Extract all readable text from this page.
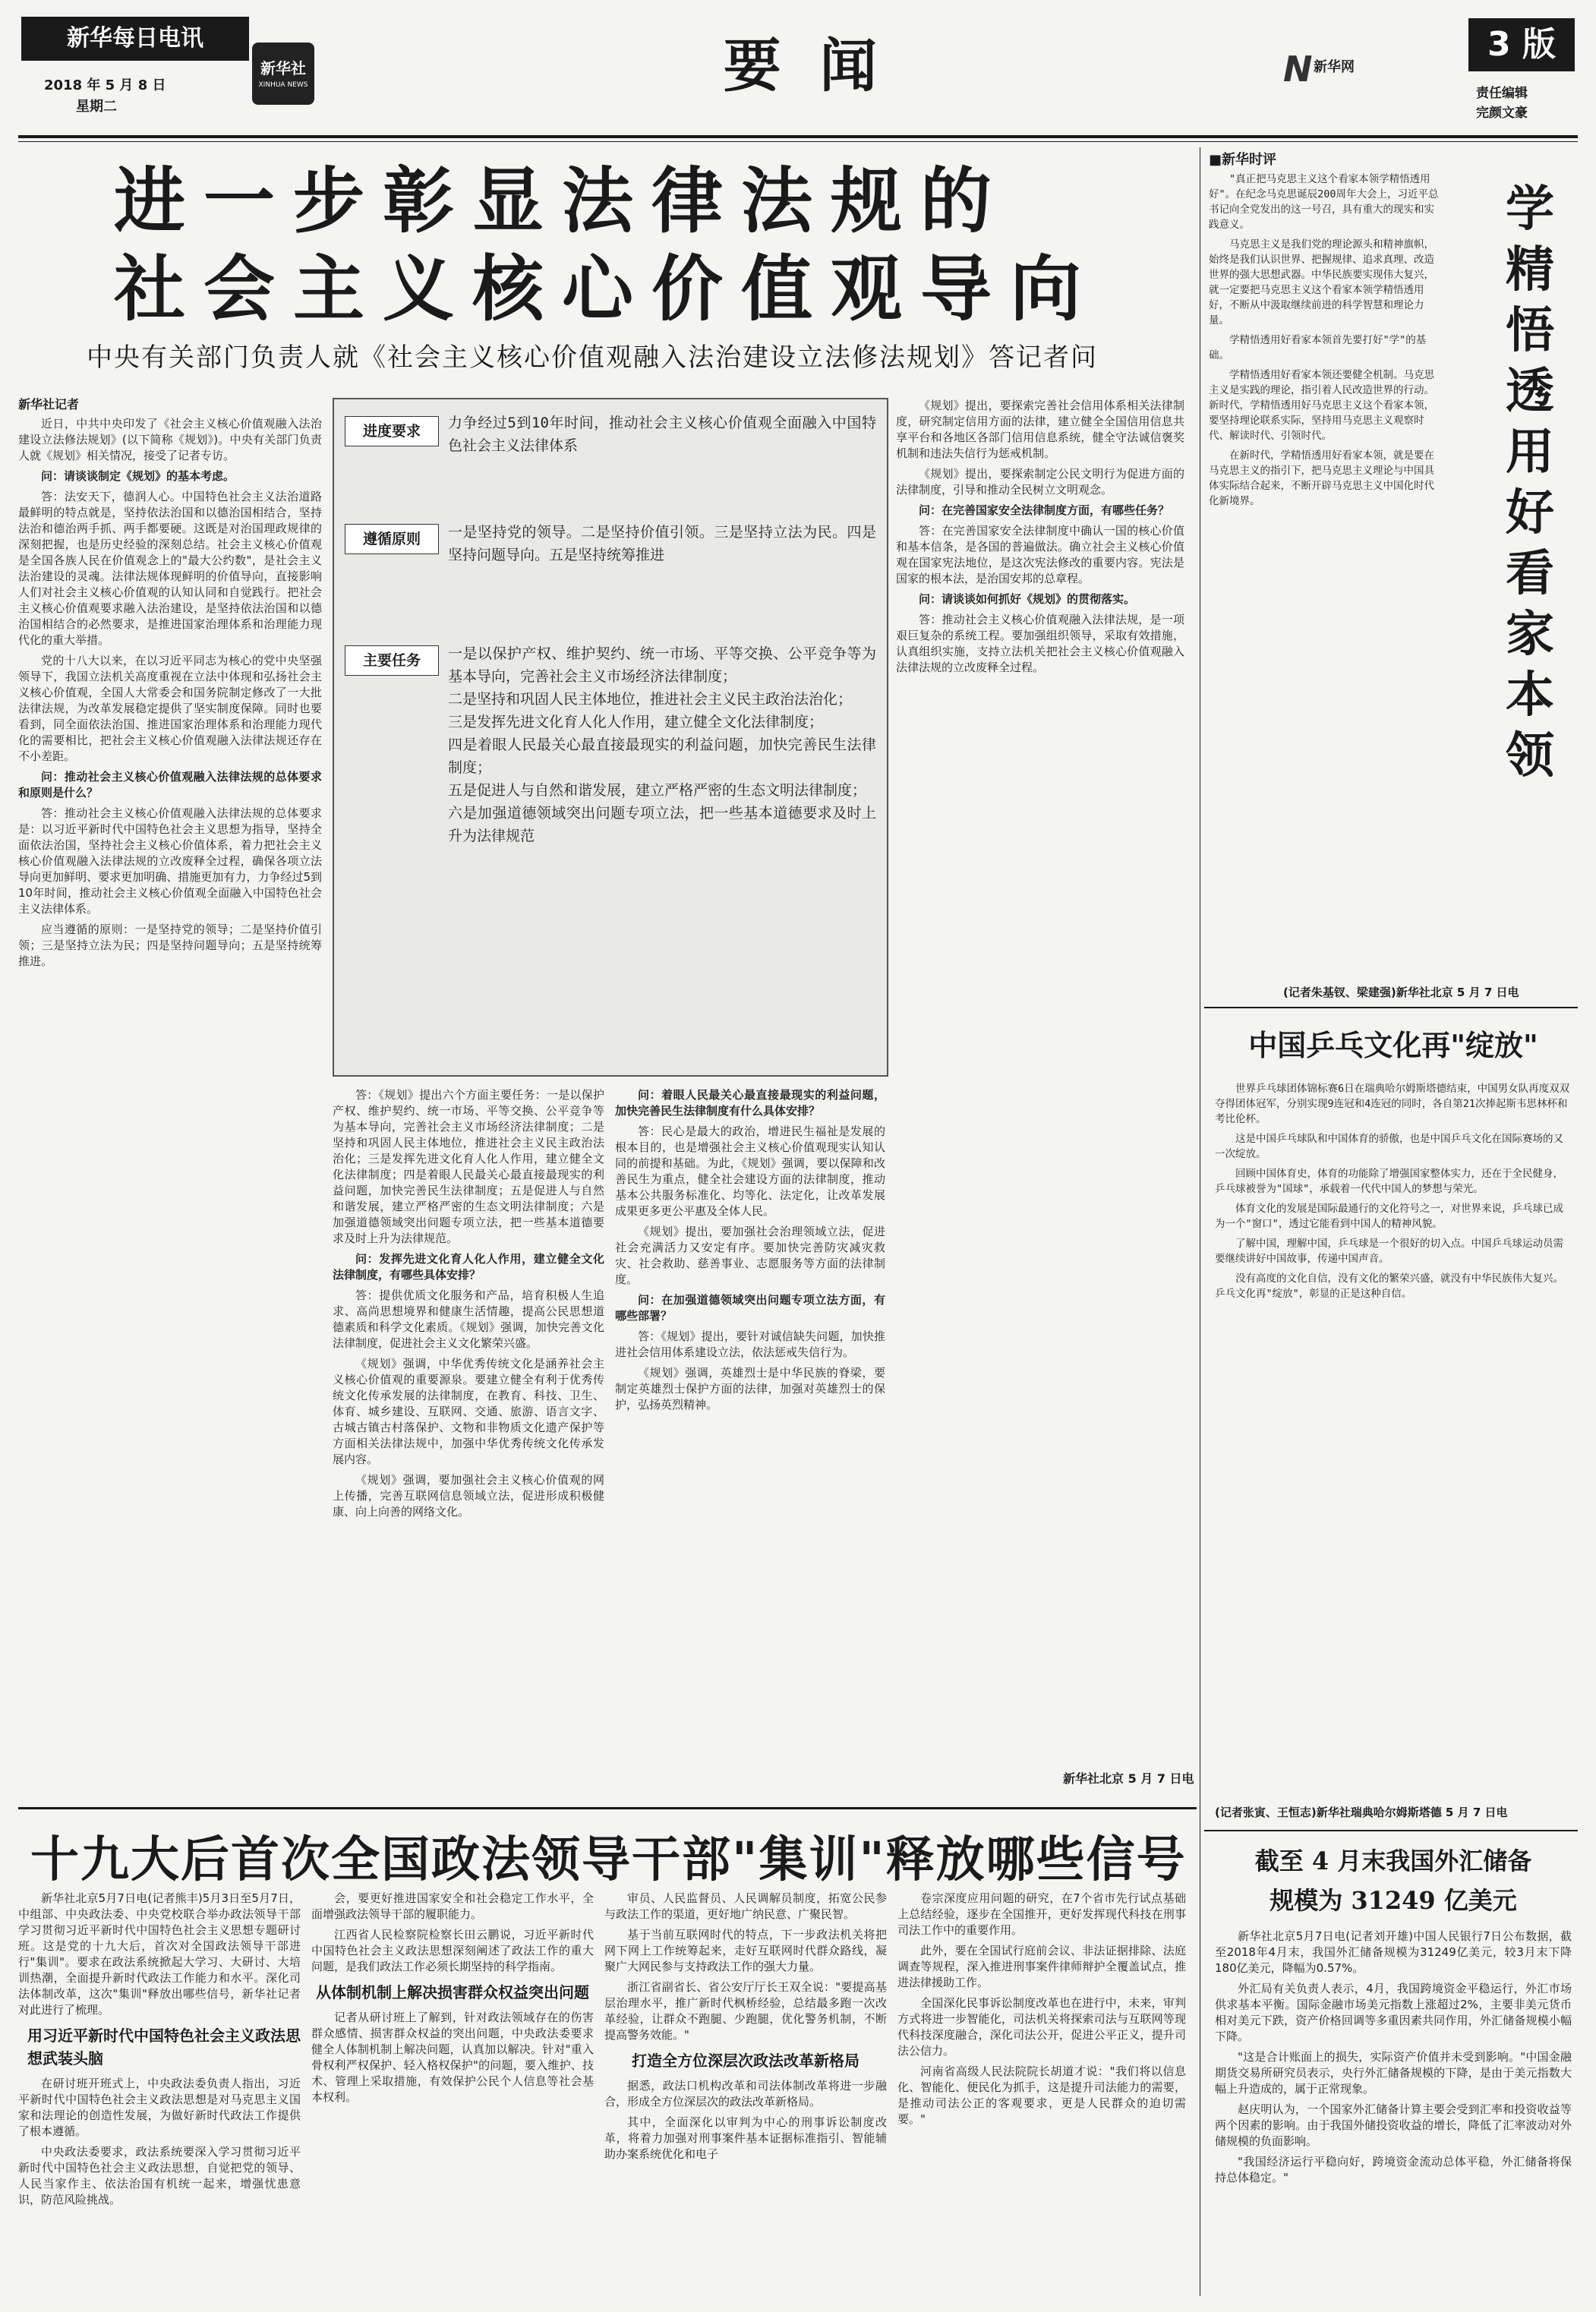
新华每日电讯
2018 年 5 月 8 日
星期二
新华社
XINHUA NEWS	要 闻	N 新华网
3 版
责任编辑
完颜文豪
进一步彰显法律法规的
社会主义核心价值观导向
中央有关部门负责人就《社会主义核心价值观融入法治建设立法修法规划》答记者问
新华社记者

近日，中共中央印发了《社会主义核心价值观融入法治建设立法修法规划》(以下简称《规划》)。中央有关部门负责人就《规划》相关情况，接受了记者专访。

问：请谈谈制定《规划》的基本考虑。

答：法安天下，德润人心。中国特色社会主义法治道路最鲜明的特点就是，坚持依法治国和以德治国相结合，坚持法治和德治两手抓、两手都要硬。这既是对治国理政规律的深刻把握，也是历史经验的深刻总结。社会主义核心价值观是全国各族人民在价值观念上的"最大公约数"，是社会主义法治建设的灵魂。法律法规体现鲜明的价值导向，直接影响人们对社会主义核心价值观的认知认同和自觉践行。把社会主义核心价值观要求融入法治建设，是坚持依法治国和以德治国相结合的必然要求，是推进国家治理体系和治理能力现代化的重大举措。

党的十八大以来，在以习近平同志为核心的党中央坚强领导下，我国立法机关高度重视在立法中体现和弘扬社会主义核心价值观，全国人大常委会和国务院制定修改了一大批法律法规，为改革发展稳定提供了坚实制度保障。同时也要看到，同全面依法治国、推进国家治理体系和治理能力现代化的需要相比，把社会主义核心价值观融入法律法规还存在不小差距。

问：推动社会主义核心价值观融入法律法规的总体要求和原则是什么？

答：推动社会主义核心价值观融入法律法规的总体要求是：以习近平新时代中国特色社会主义思想为指导，坚持全面依法治国，坚持社会主义核心价值体系，着力把社会主义核心价值观融入法律法规的立改废释全过程，确保各项立法导向更加鲜明、要求更加明确、措施更加有力，力争经过5到10年时间，推动社会主义核心价值观全面融入中国特色社会主义法律体系。

应当遵循的原则：一是坚持党的领导；二是坚持价值引领；三是坚持立法为民；四是坚持问题导向；五是坚持统筹推进。

进度要求	力争经过5到10年时间，推动社会主义核心价值观全面融入中国特色社会主义法律体系
遵循原则	一是坚持党的领导。二是坚持价值引领。三是坚持立法为民。四是坚持问题导向。五是坚持统筹推进
主要任务	一是以保护产权、维护契约、统一市场、平等交换、公平竞争等为基本导向，完善社会主义市场经济法律制度；
二是坚持和巩固人民主体地位，推进社会主义民主政治法治化；
三是发挥先进文化育人化人作用，建立健全文化法律制度；
四是着眼人民最关心最直接最现实的利益问题，加快完善民生法律制度；
五是促进人与自然和谐发展，建立严格严密的生态文明法律制度；
六是加强道德领域突出问题专项立法，把一些基本道德要求及时上升为法律规范

答：《规划》提出六个方面主要任务：一是以保护产权、维护契约、统一市场、平等交换、公平竞争等为基本导向，完善社会主义市场经济法律制度；二是坚持和巩固人民主体地位，推进社会主义民主政治法治化；三是发挥先进文化育人化人作用，建立健全文化法律制度；四是着眼人民最关心最直接最现实的利益问题，加快完善民生法律制度；五是促进人与自然和谐发展，建立严格严密的生态文明法律制度；六是加强道德领域突出问题专项立法，把一些基本道德要求及时上升为法律规范。

问：发挥先进文化育人化人作用，建立健全文化法律制度，有哪些具体安排？

答：提供优质文化服务和产品，培育积极人生追求、高尚思想境界和健康生活情趣，提高公民思想道德素质和科学文化素质。《规划》强调，加快完善文化法律制度，促进社会主义文化繁荣兴盛。

《规划》强调，中华优秀传统文化是涵养社会主义核心价值观的重要源泉。要建立健全有利于优秀传统文化传承发展的法律制度，在教育、科技、卫生、体育、城乡建设、互联网、交通、旅游、语言文字、古城古镇古村落保护、文物和非物质文化遗产保护等方面相关法律法规中，加强中华优秀传统文化传承发展内容。

《规划》强调，要加强社会主义核心价值观的网上传播，完善互联网信息领域立法，促进形成积极健康、向上向善的网络文化。

问：着眼人民最关心最直接最现实的利益问题，加快完善民生法律制度有什么具体安排？

答：民心是最大的政治，增进民生福祉是发展的根本目的，也是增强社会主义核心价值观现实认知认同的前提和基础。为此，《规划》强调，要以保障和改善民生为重点，健全社会建设方面的法律制度，推动基本公共服务标准化、均等化、法定化，让改革发展成果更多更公平惠及全体人民。

《规划》提出，要加强社会治理领域立法，促进社会充满活力又安定有序。要加快完善防灾减灾救灾、社会救助、慈善事业、志愿服务等方面的法律制度。

问：在加强道德领域突出问题专项立法方面，有哪些部署？

答：《规划》提出，要针对诚信缺失问题，加快推进社会信用体系建设立法，依法惩戒失信行为。

《规划》强调，英雄烈士是中华民族的脊梁，要制定英雄烈士保护方面的法律，加强对英雄烈士的保护，弘扬英烈精神。

《规划》提出，要探索完善社会信用体系相关法律制度，研究制定信用方面的法律，建立健全全国信用信息共享平台和各地区各部门信用信息系统，健全守法诚信褒奖机制和违法失信行为惩戒机制。

《规划》提出，要探索制定公民文明行为促进方面的法律制度，引导和推动全民树立文明观念。

问：在完善国家安全法律制度方面，有哪些任务？

答：在完善国家安全法律制度中确认一国的核心价值和基本信条，是各国的普遍做法。确立社会主义核心价值观在国家宪法地位，是这次宪法修改的重要内容。宪法是国家的根本法，是治国安邦的总章程。

问：请谈谈如何抓好《规划》的贯彻落实。

答：推动社会主义核心价值观融入法律法规，是一项艰巨复杂的系统工程。要加强组织领导，采取有效措施，认真组织实施，支持立法机关把社会主义核心价值观融入法律法规的立改废释全过程。

新华社北京 5 月 7 日电
■新华时评

"真正把马克思主义这个看家本领学精悟透用好"。在纪念马克思诞辰200周年大会上，习近平总书记向全党发出的这一号召，具有重大的现实和实践意义。

马克思主义是我们党的理论源头和精神旗帜，始终是我们认识世界、把握规律、追求真理、改造世界的强大思想武器。中华民族要实现伟大复兴，就一定要把马克思主义这个看家本领学精悟透用好，不断从中汲取继续前进的科学智慧和理论力量。

学精悟透用好看家本领首先要打好"学"的基础。

学精悟透用好看家本领还要健全机制。马克思主义是实践的理论，指引着人民改造世界的行动。新时代，学精悟透用好马克思主义这个看家本领，要坚持理论联系实际，坚持用马克思主义观察时代、解读时代、引领时代。

在新时代，学精悟透用好看家本领，就是要在马克思主义的指引下，把马克思主义理论与中国具体实际结合起来，不断开辟马克思主义中国化时代化新境界。

学精悟透用好看家本领
(记者朱基钗、梁建强)新华社北京 5 月 7 日电
中国乒乓文化再"绽放"

世界乒乓球团体锦标赛6日在瑞典哈尔姆斯塔德结束，中国男女队再度双双夺得团体冠军，分别实现9连冠和4连冠的同时，各自第21次捧起斯韦思林杯和考比伦杯。

这是中国乒乓球队和中国体育的骄傲，也是中国乒乓文化在国际赛场的又一次绽放。

回顾中国体育史，体育的功能除了增强国家整体实力，还在于全民健身，乒乓球被誉为"国球"，承载着一代代中国人的梦想与荣光。

体育文化的发展是国际最通行的文化符号之一，对世界来说，乒乓球已成为一个"窗口"，透过它能看到中国人的精神风貌。

了解中国，理解中国，乒乓球是一个很好的切入点。中国乒乓球运动员需要继续讲好中国故事，传递中国声音。

没有高度的文化自信，没有文化的繁荣兴盛，就没有中华民族伟大复兴。乒乓文化再"绽放"，彰显的正是这种自信。

(记者张寅、王恒志)新华社瑞典哈尔姆斯塔德 5 月 7 日电
十九大后首次全国政法领导干部"集训"释放哪些信号

新华社北京5月7日电(记者熊丰)5月3日至5月7日，中组部、中央政法委、中央党校联合举办政法领导干部学习贯彻习近平新时代中国特色社会主义思想专题研讨班。这是党的十九大后，首次对全国政法领导干部进行"集训"。要求在政法系统掀起大学习、大研讨、大培训热潮，全面提升新时代政法工作能力和水平。深化司法体制改革，这次"集训"释放出哪些信号，新华社记者对此进行了梳理。

用习近平新时代中国特色社会主义政法思想武装头脑

在研讨班开班式上，中央政法委负责人指出，习近平新时代中国特色社会主义政法思想是对马克思主义国家和法理论的创造性发展，为做好新时代政法工作提供了根本遵循。

中央政法委要求，政法系统要深入学习贯彻习近平新时代中国特色社会主义政法思想，自觉把党的领导、人民当家作主、依法治国有机统一起来，增强忧患意识，防范风险挑战。

会，要更好推进国家安全和社会稳定工作水平，全面增强政法领导干部的履职能力。

江西省人民检察院检察长田云鹏说，习近平新时代中国特色社会主义政法思想深刻阐述了政法工作的重大问题，是我们政法工作必须长期坚持的科学指南。

从体制机制上解决损害群众权益突出问题

记者从研讨班上了解到，针对政法领域存在的伤害群众感情、损害群众权益的突出问题，中央政法委要求健全人体制机制上解决问题，认真加以解决。针对"重入骨权利严权保护、轻入格权保护"的问题，要入维护、技术、管理上采取措施，有效保护公民个人信息等社会基本权利。

审员、人民监督员、人民调解员制度，拓宽公民参与政法工作的渠道，更好地广纳民意、广聚民智。

基于当前互联网时代的特点，下一步政法机关将把网下网上工作统筹起来，走好互联网时代群众路线，凝聚广大网民参与支持政法工作的强大力量。

浙江省副省长、省公安厅厅长王双全说："要提高基层治理水平，推广新时代枫桥经验，总结最多跑一次改革经验，让群众不跑腿、少跑腿，优化警务机制，不断提高警务效能。"

打造全方位深层次政法改革新格局

据悉，政法口机构改革和司法体制改革将进一步融合，形成全方位深层次的政法改革新格局。

其中，全面深化以审判为中心的刑事诉讼制度改革，将着力加强对刑事案件基本证据标准指引、智能辅助办案系统优化和电子

卷宗深度应用问题的研究，在7个省市先行试点基础上总结经验，逐步在全国推开，更好发挥现代科技在刑事司法工作中的重要作用。

此外，要在全国试行庭前会议、非法证据排除、法庭调查等规程，深入推进刑事案件律师辩护全覆盖试点，推进法律援助工作。

全国深化民事诉讼制度改革也在进行中，未来，审判方式将进一步智能化，司法机关将探索司法与互联网等现代科技深度融合，深化司法公开，促进公平正义，提升司法公信力。

河南省高级人民法院院长胡道才说："我们将以信息化、智能化、便民化为抓手，这是提升司法能力的需要，是推动司法公正的客观要求，更是人民群众的迫切需要。"

截至 4 月末我国外汇储备
规模为 31249 亿美元

新华社北京5月7日电(记者刘开雄)中国人民银行7日公布数据，截至2018年4月末，我国外汇储备规模为31249亿美元，较3月末下降180亿美元，降幅为0.57%。

外汇局有关负责人表示，4月，我国跨境资金平稳运行，外汇市场供求基本平衡。国际金融市场美元指数上涨超过2%，主要非美元货币相对美元下跌，资产价格回调等多重因素共同作用，外汇储备规模小幅下降。

"这是合计账面上的损失，实际资产价值并未受到影响。"中国金融期货交易所研究员表示，央行外汇储备规模的下降，是由于美元指数大幅上升造成的，属于正常现象。

赵庆明认为，一个国家外汇储备计算主要会受到汇率和投资收益等两个因素的影响。由于我国外储投资收益的增长，降低了汇率波动对外储规模的负面影响。

"我国经济运行平稳向好，跨境资金流动总体平稳，外汇储备将保持总体稳定。"
